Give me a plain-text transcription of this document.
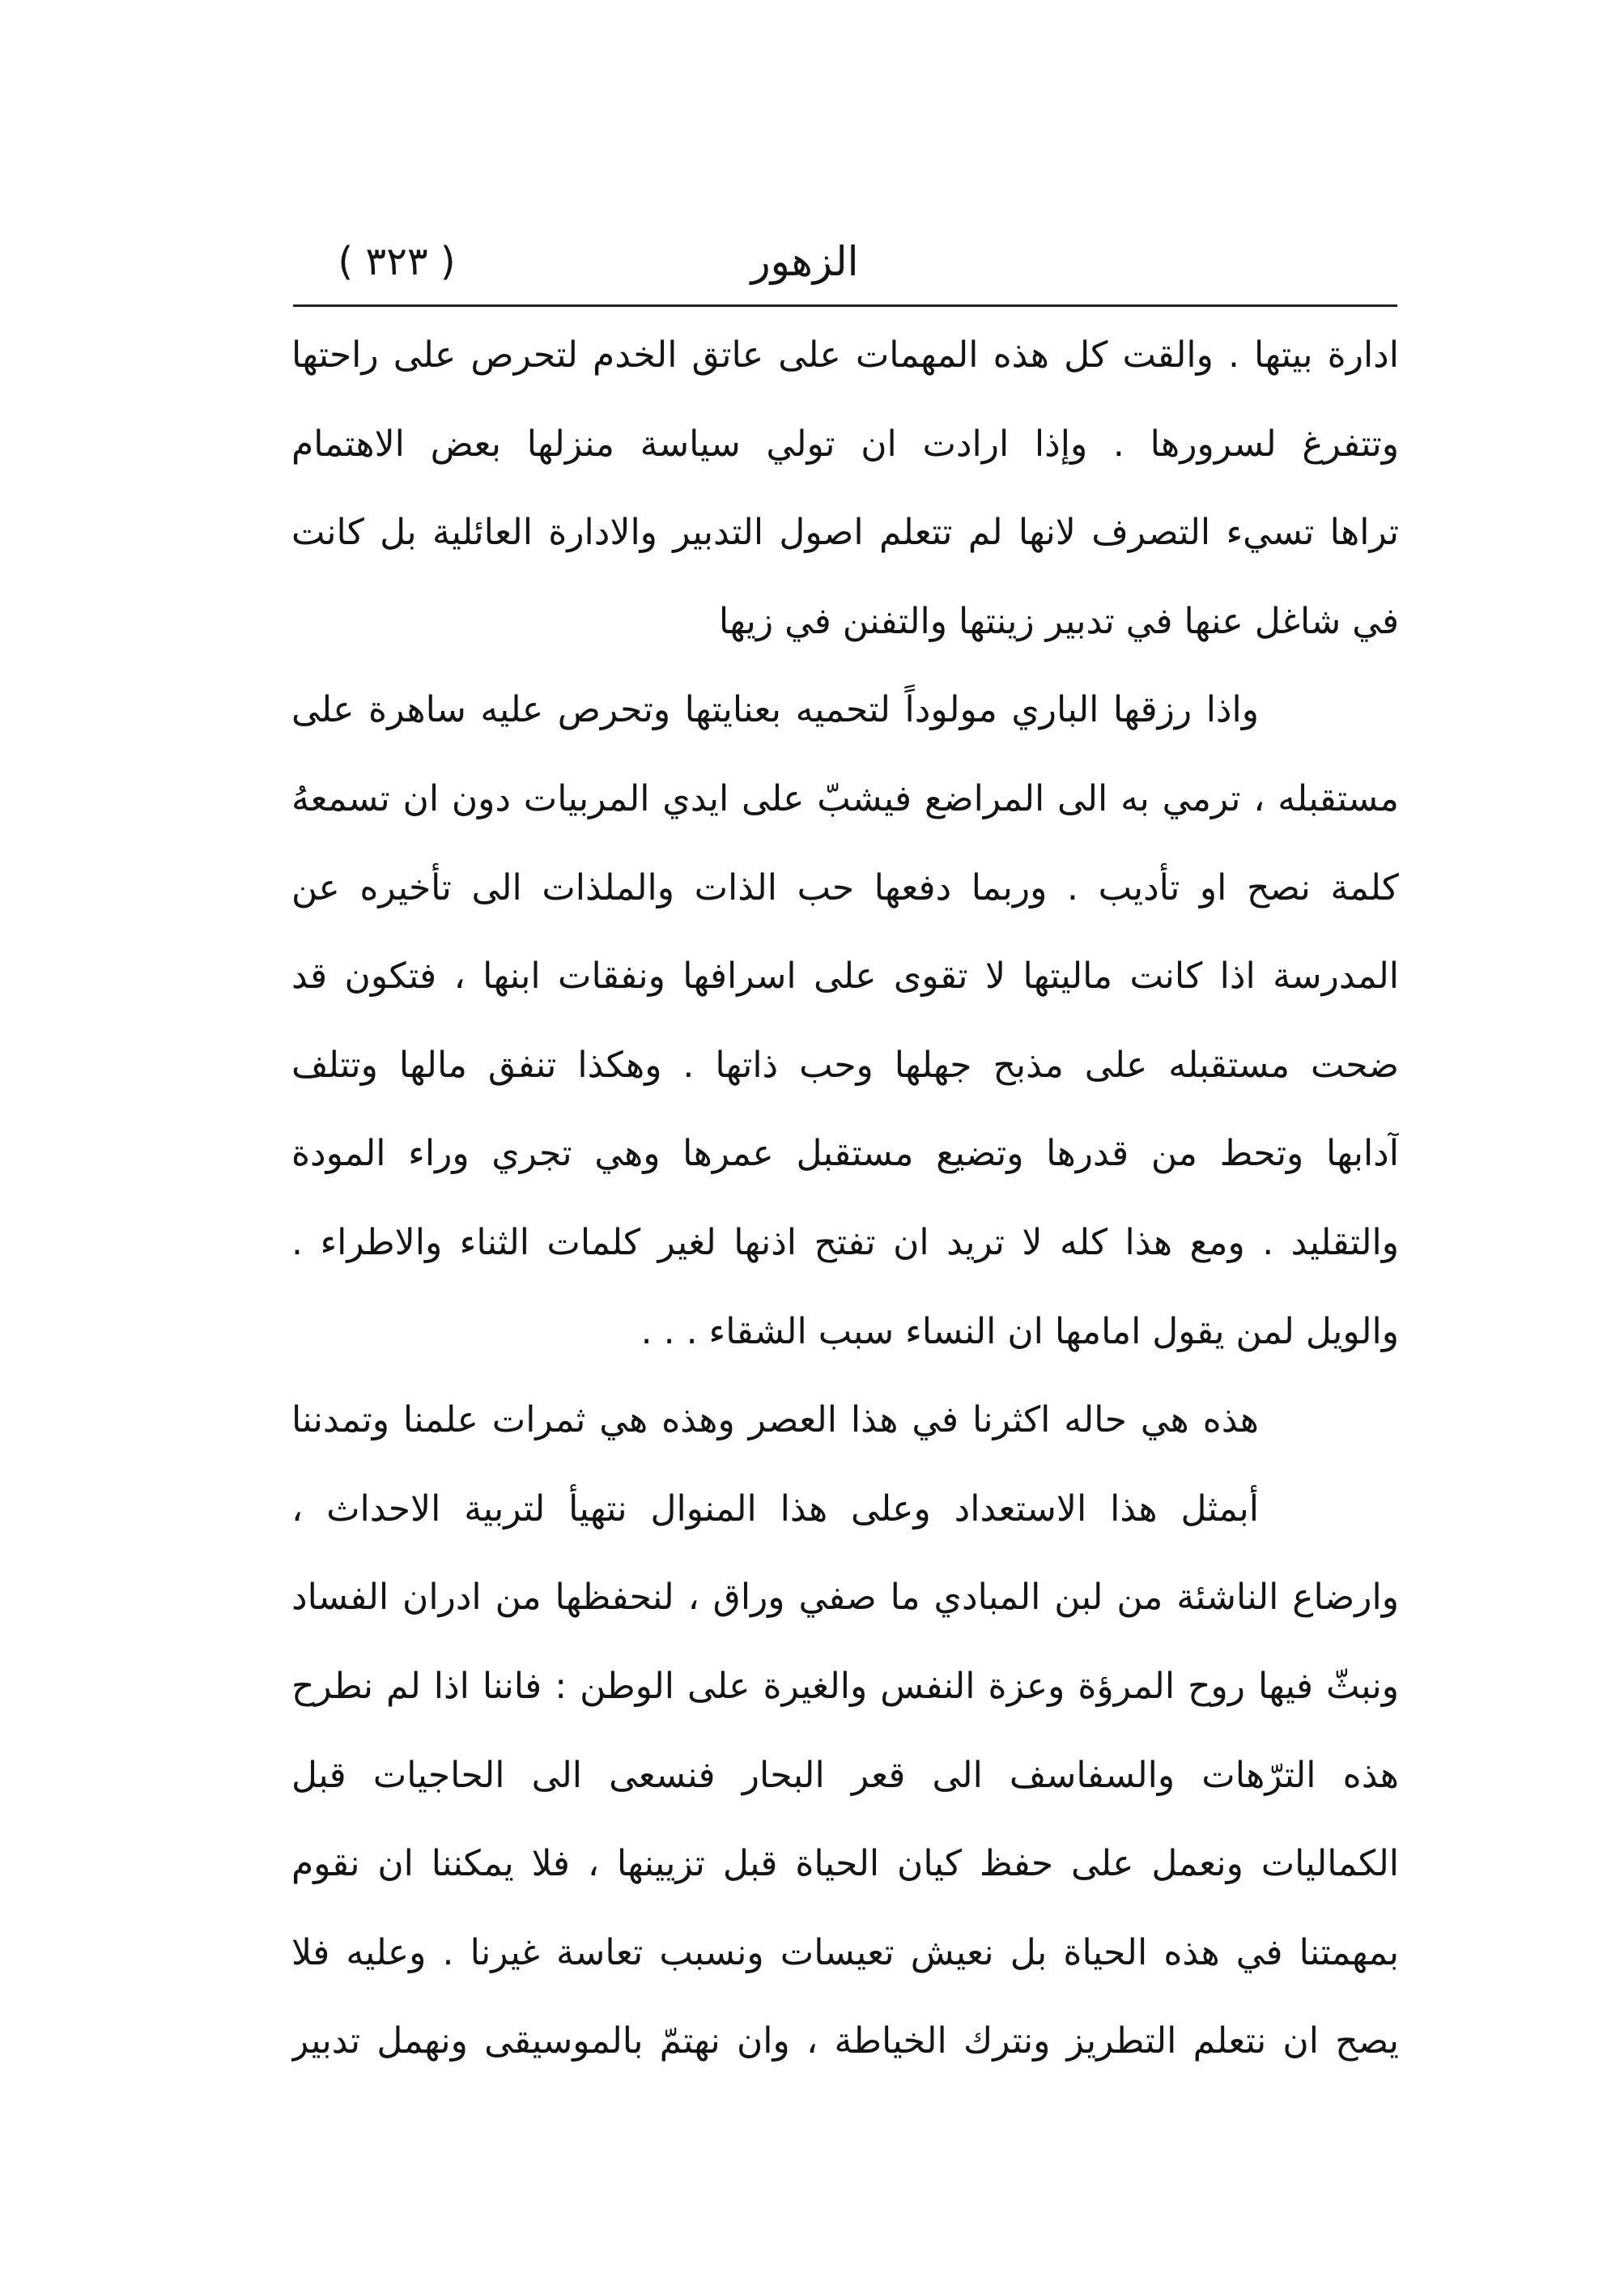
الزهور
( ٣٢٣ )
ادارة بيتها . والقت كل هذه المهمات على عاتق الخدم لتحرص على راحتها
وتتفرغ لسرورها . وإذا ارادت ان تولي سياسة منزلها بعض الاهتمام
تراها تسيء التصرف لانها لم تتعلم اصول التدبير والادارة العائلية بل كانت
في شاغل عنها في تدبير زينتها والتفنن في زيها
واذا رزقها الباري مولوداً لتحميه بعنايتها وتحرص عليه ساهرة على
مستقبله ، ترمي به الى المراضع فيشبّ على ايدي المربيات دون ان تسمعهُ
كلمة نصح او تأديب . وربما دفعها حب الذات والملذات الى تأخيره عن
المدرسة اذا كانت ماليتها لا تقوى على اسرافها ونفقات ابنها ، فتكون قد
ضحت مستقبله على مذبح جهلها وحب ذاتها . وهكذا تنفق مالها وتتلف
آدابها وتحط من قدرها وتضيع مستقبل عمرها وهي تجري وراء المودة
والتقليد . ومع هذا كله لا تريد ان تفتح اذنها لغير كلمات الثناء والاطراء .
والويل لمن يقول امامها ان النساء سبب الشقاء . . .
هذه هي حاله اكثرنا في هذا العصر وهذه هي ثمرات علمنا وتمدننا
أبمثل هذا الاستعداد وعلى هذا المنوال نتهيأ لتربية الاحداث ،
وارضاع الناشئة من لبن المبادي ما صفي وراق ، لنحفظها من ادران الفساد
ونبثّ فيها روح المرؤة وعزة النفس والغيرة على الوطن : فاننا اذا لم نطرح
هذه الترّهات والسفاسف الى قعر البحار فنسعى الى الحاجيات قبل
الكماليات ونعمل على حفظ كيان الحياة قبل تزيينها ، فلا يمكننا ان نقوم
بمهمتنا في هذه الحياة بل نعيش تعيسات ونسبب تعاسة غيرنا . وعليه فلا
يصح ان نتعلم التطريز ونترك الخياطة ، وان نهتمّ بالموسيقى ونهمل تدبير
